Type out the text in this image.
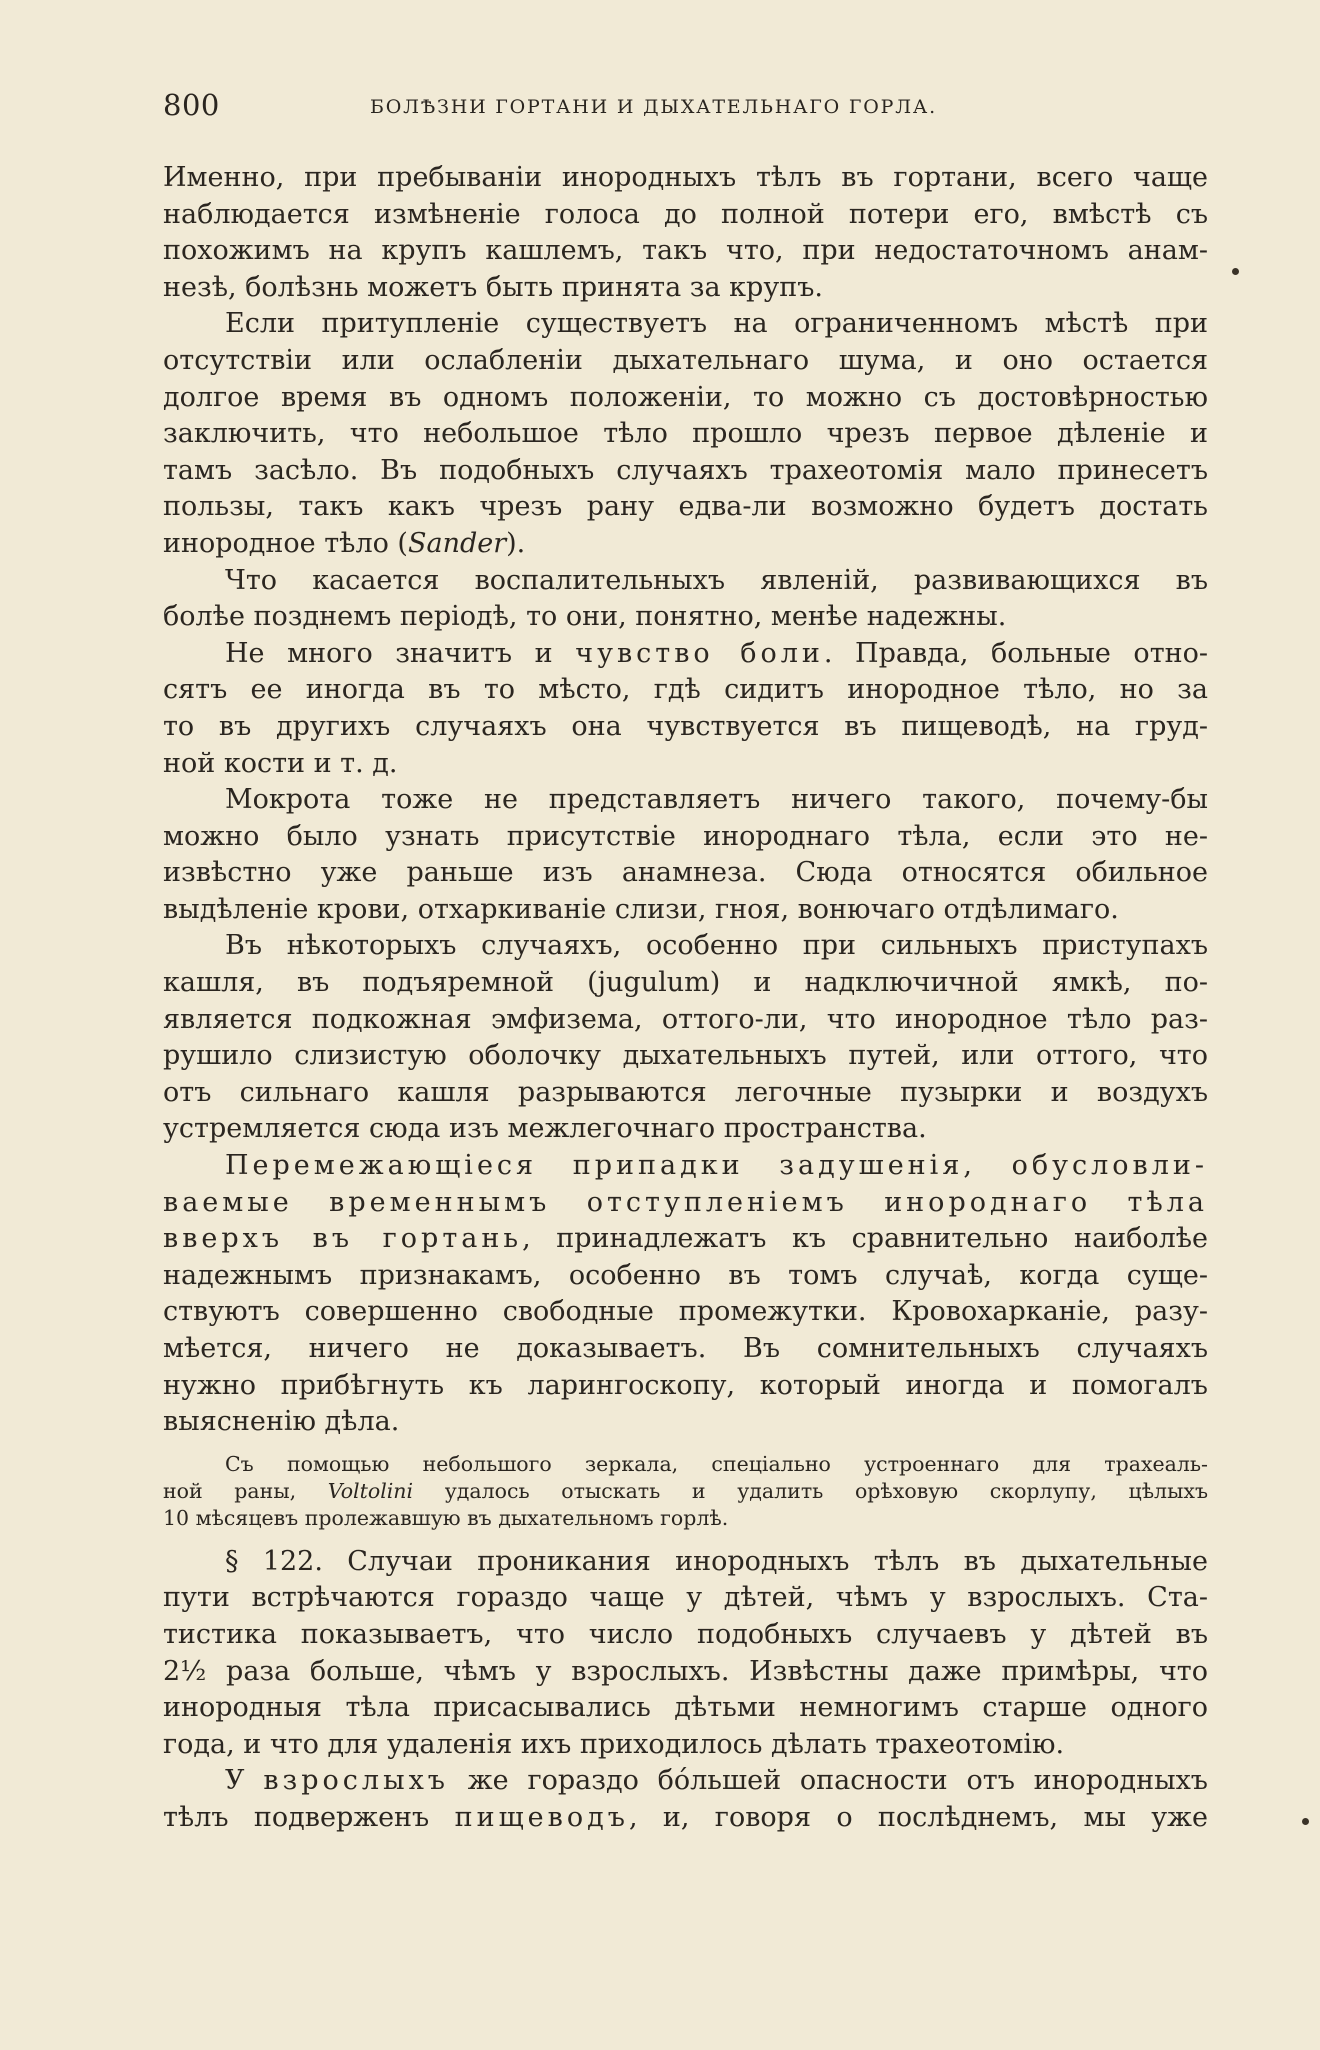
800	БОЛѢЗНИ ГОРТАНИ И ДЫХАТЕЛЬНАГО ГОРЛА.
Именно, при пребываніи инородныхъ тѣлъ въ гортани, всего чаще
наблюдается измѣненіе голоса до полной потери его, вмѣстѣ съ
похожимъ на крупъ кашлемъ, такъ что, при недостаточномъ анам-
незѣ, болѣзнь можетъ быть принята за крупъ.
Если притупленіе существуетъ на ограниченномъ мѣстѣ при
отсутствіи или ослабленіи дыхательнаго шума, и оно остается
долгое время въ одномъ положеніи, то можно съ достовѣрностью
заключить, что небольшое тѣло прошло чрезъ первое дѣленіе и
тамъ засѣло. Въ подобныхъ случаяхъ трахеотомія мало принесетъ
пользы, такъ какъ чрезъ рану едва-ли возможно будетъ достать
инородное тѣло (Sander).
Что касается воспалительныхъ явленій, развивающихся въ
болѣе позднемъ періодѣ, то они, понятно, менѣе надежны.
Не много значитъ и чувство боли. Правда, больные отно-
сятъ ее иногда въ то мѣсто, гдѣ сидитъ инородное тѣло, но за
то въ другихъ случаяхъ она чувствуется въ пищеводѣ, на груд-
ной кости и т. д.
Мокрота тоже не представляетъ ничего такого, почему-бы
можно было узнать присутствіе инороднаго тѣла, если это не-
извѣстно уже раньше изъ анамнеза. Сюда относятся обильное
выдѣленіе крови, отхаркиваніе слизи, гноя, вонючаго отдѣлимаго.
Въ нѣкоторыхъ случаяхъ, особенно при сильныхъ приступахъ
кашля, въ подъяремной (jugulum) и надключичной ямкѣ, по-
является подкожная эмфизема, оттого-ли, что инородное тѣло раз-
рушило слизистую оболочку дыхательныхъ путей, или оттого, что
отъ сильнаго кашля разрываются легочные пузырки и воздухъ
устремляется сюда изъ межлегочнаго пространства.
Перемежающіеся припадки задушенія, обусловли-
ваемые временнымъ отступленіемъ инороднаго тѣла
вверхъ въ гортань, принадлежатъ къ сравнительно наиболѣе
надежнымъ признакамъ, особенно въ томъ случаѣ, когда суще-
ствуютъ совершенно свободные промежутки. Кровохарканіе, разу-
мѣется, ничего не доказываетъ. Въ сомнительныхъ случаяхъ
нужно прибѣгнуть къ ларингоскопу, который иногда и помогалъ
выясненію дѣла.
Съ помощью небольшого зеркала, спеціально устроеннаго для трахеаль-
ной раны, Voltolini удалось отыскать и удалить орѣховую скорлупу, цѣлыхъ
10 мѣсяцевъ пролежавшую въ дыхательномъ горлѣ.
§ 122. Случаи проникания инородныхъ тѣлъ въ дыхательные
пути встрѣчаются гораздо чаще у дѣтей, чѣмъ у взрослыхъ. Ста-
тистика показываетъ, что число подобныхъ случаевъ у дѣтей въ
2½ раза больше, чѣмъ у взрослыхъ. Извѣстны даже примѣры, что
инородныя тѣла присасывались дѣтьми немногимъ старше одного
года, и что для удаленія ихъ приходилось дѣлать трахеотомію.
У взрослыхъ же гораздо бо́льшей опасности отъ инородныхъ
тѣлъ подверженъ пищеводъ, и, говоря о послѣднемъ, мы уже
